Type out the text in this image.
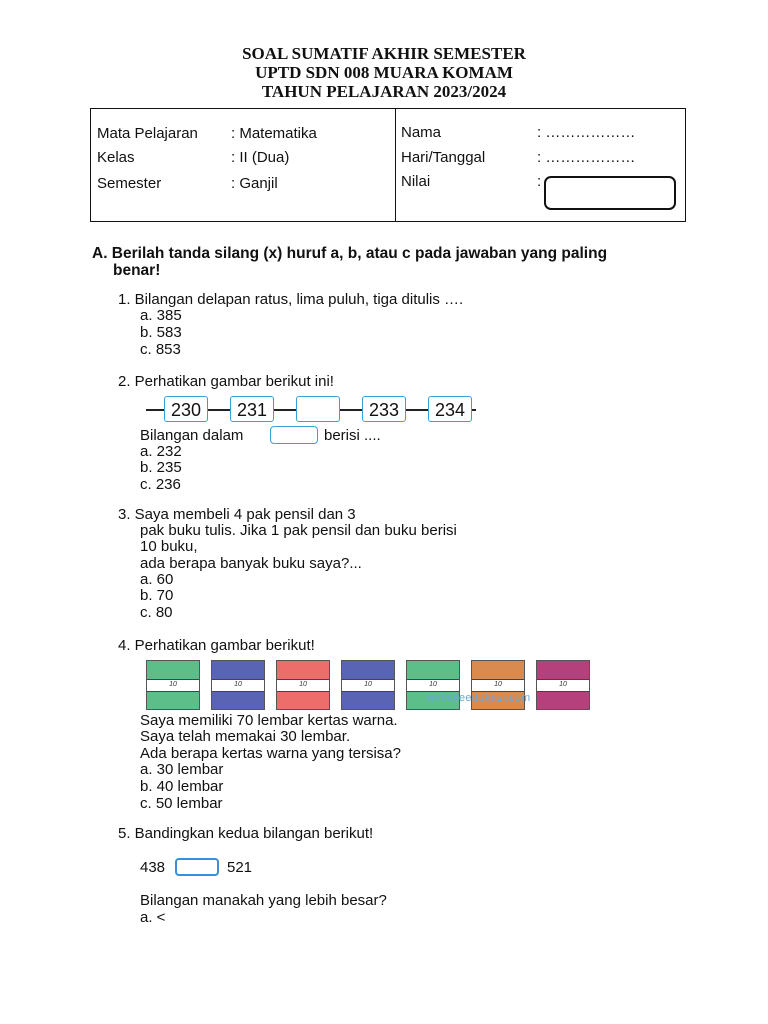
SOAL SUMATIF AKHIR SEMESTER
UPTD SDN 008 MUARA KOMAM
TAHUN PELAJARAN 2023/2024
Mata Pelajaran : Matematika
Kelas	: II (Dua)
Semester	: Ganjil
Nama	: ………………
Hari/Tanggal	: ………………
Nilai	:
A. Berilah tanda silang (x) huruf a, b, atau c pada jawaban yang paling
benar!
1. Bilangan delapan ratus, lima puluh, tiga ditulis ….
a. 385
b. 583
c. 853
2. Perhatikan gambar berikut ini!
230	231	233	234
Bilangan dalam	berisi ....
a. 232
b. 235
c. 236
3. Saya membeli 4 pak pensil dan 3
pak buku tulis. Jika 1 pak pensil dan buku berisi
10 buku,
ada berapa banyak buku saya?...
a. 60
b. 70
c. 80
4. Perhatikan gambar berikut!
10	10	10	10	10	10	10
websiteedukasi.com
Saya memiliki 70 lembar kertas warna.
Saya telah memakai 30 lembar.
Ada berapa kertas warna yang tersisa?
a. 30 lembar
b. 40 lembar
c. 50 lembar
5. Bandingkan kedua bilangan berikut!
438	521
Bilangan manakah yang lebih besar?
a. <
